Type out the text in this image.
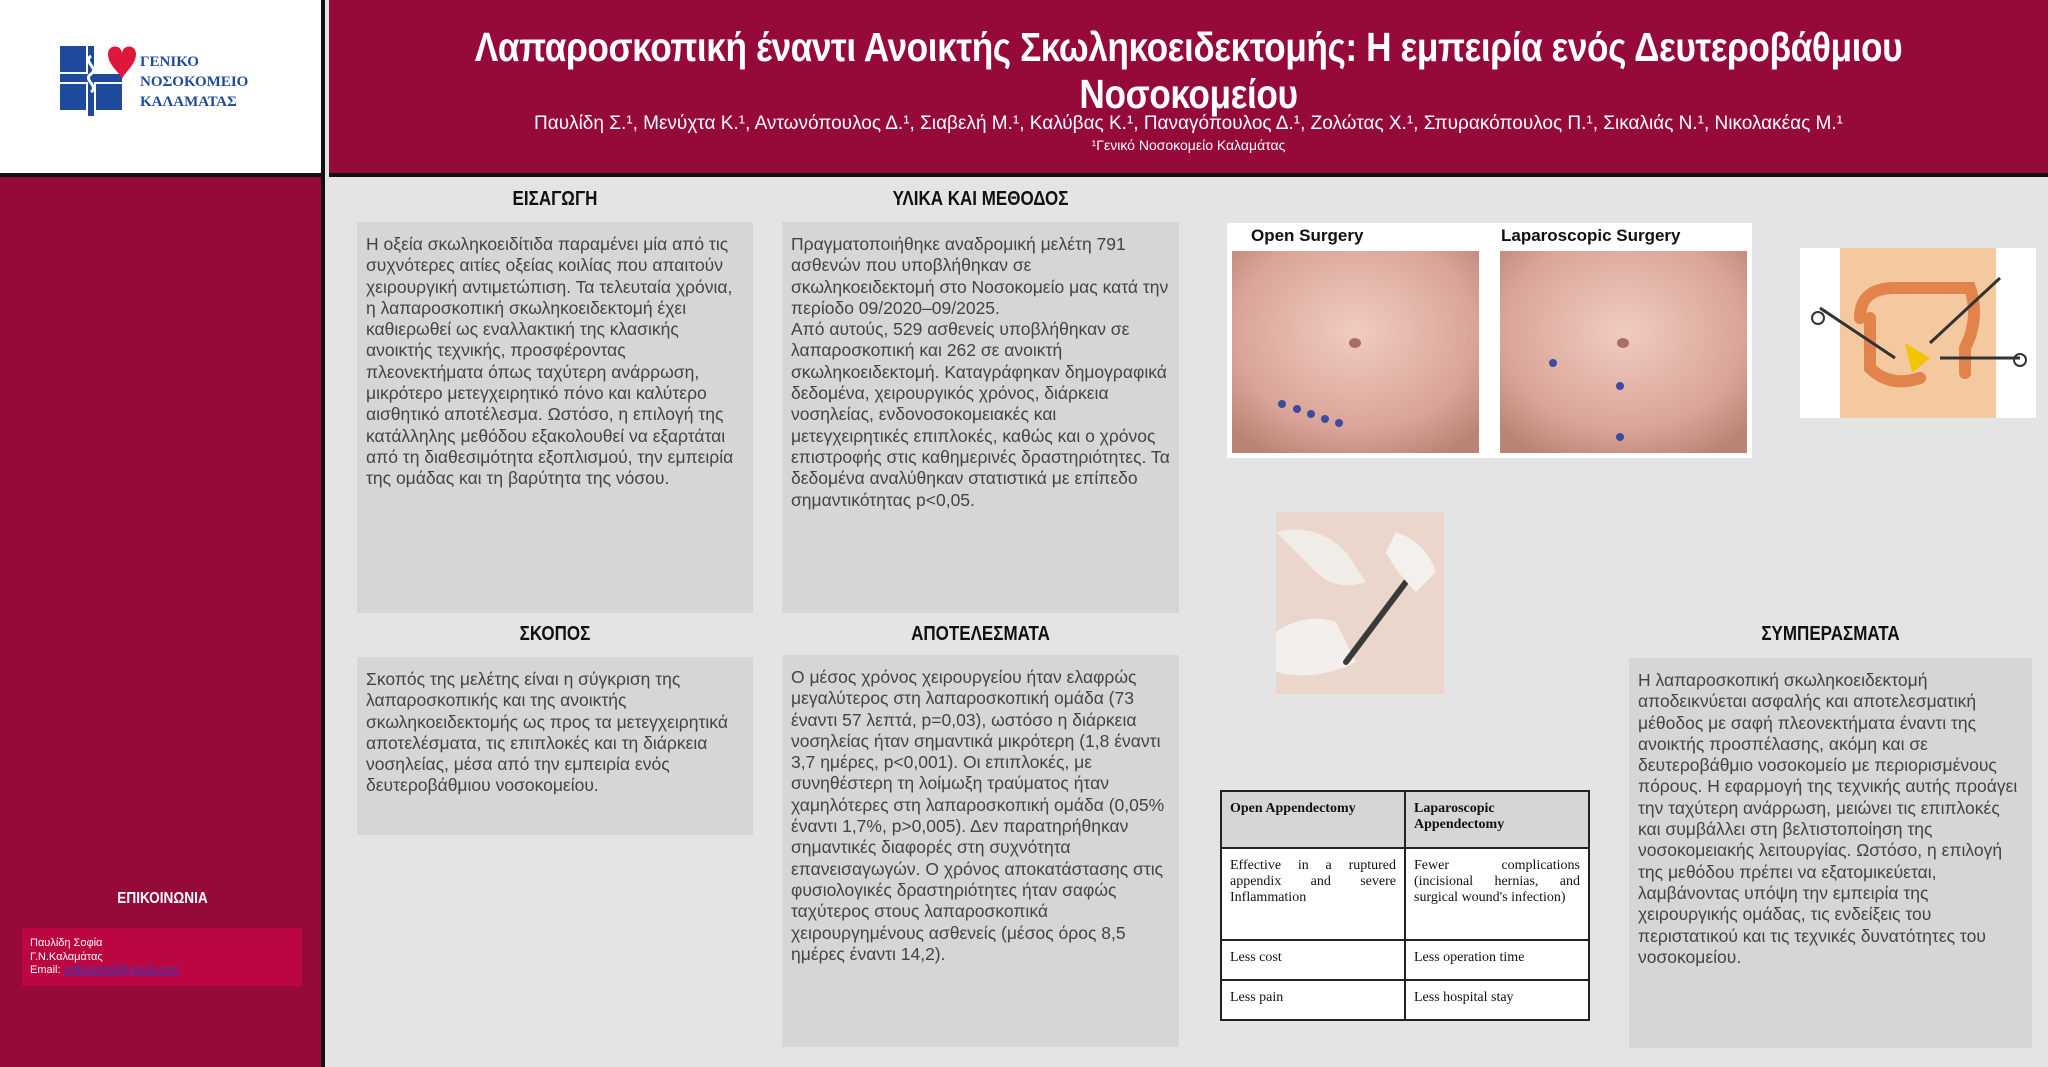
ΓΕΝΙΚΟ
ΝΟΣΟΚΟΜΕΙΟ
ΚΑΛΑΜΑΤΑΣ
Λαπαροσκοπική έναντι Ανοικτής Σκωληκοειδεκτομής: Η εμπειρία ενός Δευτεροβάθμιου Νοσοκομείου
Παυλίδη Σ.¹, Μενύχτα Κ.¹, Αντωνόπουλος Δ.¹, Σιαβελή Μ.¹, Καλύβας Κ.¹, Παναγόπουλος Δ.¹, Ζολώτας Χ.¹, Σπυρακόπουλος Π.¹, Σικαλιάς Ν.¹, Νικολακέας Μ.¹
¹Γενικό Νοσοκομείο Καλαμάτας
ΕΠΙΚΟΙΝΩΝΙΑ
Παυλίδη Σοφία
Γ.Ν.Καλαμάτας
Email: sofiapavlidi@gmail.com
ΕΙΣΑΓΩΓΗ

Η οξεία σκωληκοειδίτιδα παραμένει μία από τις συχνότερες αιτίες οξείας κοιλίας που απαιτούν χειρουργική αντιμετώπιση. Τα τελευταία χρόνια, η λαπαροσκοπική σκωληκοειδεκτομή έχει καθιερωθεί ως εναλλακτική της κλασικής ανοικτής τεχνικής, προσφέροντας πλεονεκτήματα όπως ταχύτερη ανάρρωση, μικρότερο μετεγχειρητικό πόνο και καλύτερο αισθητικό αποτέλεσμα. Ωστόσο, η επιλογή της κατάλληλης μεθόδου εξακολουθεί να εξαρτάται από τη διαθεσιμότητα εξοπλισμού, την εμπειρία της ομάδας και τη βαρύτητα της νόσου.

ΥΛΙΚΑ ΚΑΙ ΜΕΘΟΔΟΣ

Πραγματοποιήθηκε αναδρομική μελέτη 791 ασθενών που υποβλήθηκαν σε σκωληκοειδεκτομή στο Νοσοκομείο μας κατά την περίοδο 09/2020–09/2025.

Από αυτούς, 529 ασθενείς υποβλήθηκαν σε λαπαροσκοπική και 262 σε ανοικτή σκωληκοειδεκτομή. Καταγράφηκαν δημογραφικά δεδομένα, χειρουργικός χρόνος, διάρκεια νοσηλείας, ενδονοσοκομειακές και μετεγχειρητικές επιπλοκές, καθώς και ο χρόνος επιστροφής στις καθημερινές δραστηριότητες. Τα δεδομένα αναλύθηκαν στατιστικά με επίπεδο σημαντικότητας p<0,05.

ΣΚΟΠΟΣ

Σκοπός της μελέτης είναι η σύγκριση της λαπαροσκοπικής και της ανοικτής σκωληκοειδεκτομής ως προς τα μετεγχειρητικά αποτελέσματα, τις επιπλοκές και τη διάρκεια νοσηλείας, μέσα από την εμπειρία ενός δευτεροβάθμιου νοσοκομείου.

ΑΠΟΤΕΛΕΣΜΑΤΑ

Ο μέσος χρόνος χειρουργείου ήταν ελαφρώς μεγαλύτερος στη λαπαροσκοπική ομάδα (73 έναντι 57 λεπτά, p=0,03), ωστόσο η διάρκεια νοσηλείας ήταν σημαντικά μικρότερη (1,8 έναντι 3,7 ημέρες, p<0,001). Οι επιπλοκές, με συνηθέστερη τη λοίμωξη τραύματος ήταν χαμηλότερες στη λαπαροσκοπική ομάδα (0,05% έναντι 1,7%, p>0,005). Δεν παρατηρήθηκαν σημαντικές διαφορές στη συχνότητα επανεισαγωγών. Ο χρόνος αποκατάστασης στις φυσιολογικές δραστηριότητες ήταν σαφώς ταχύτερος στους λαπαροσκοπικά χειρουργημένους ασθενείς (μέσος όρος 8,5 ημέρες έναντι 14,2).

ΣΥΜΠΕΡΑΣΜΑΤΑ

Η λαπαροσκοπική σκωληκοειδεκτομή αποδεικνύεται ασφαλής και αποτελεσματική μέθοδος με σαφή πλεονεκτήματα έναντι της ανοικτής προσπέλασης, ακόμη και σε δευτεροβάθμιο νοσοκομείο με περιορισμένους πόρους. Η εφαρμογή της τεχνικής αυτής προάγει την ταχύτερη ανάρρωση, μειώνει τις επιπλοκές και συμβάλλει στη βελτιστοποίηση της νοσοκομειακής λειτουργίας. Ωστόσο, η επιλογή της μεθόδου πρέπει να εξατομικεύεται, λαμβάνοντας υπόψη την εμπειρία της χειρουργικής ομάδας, τις ενδείξεις του περιστατικού και τις τεχνικές δυνατότητες του νοσοκομείου.

Open Surgery	Laparoscopic Surgery
Open Appendectomy	Laparoscopic Appendectomy
Effective in a ruptured appendix and severe Inflammation	Fewer complications (incisional hernias, and surgical wound's infection)
Less cost	Less operation time
Less pain	Less hospital stay
